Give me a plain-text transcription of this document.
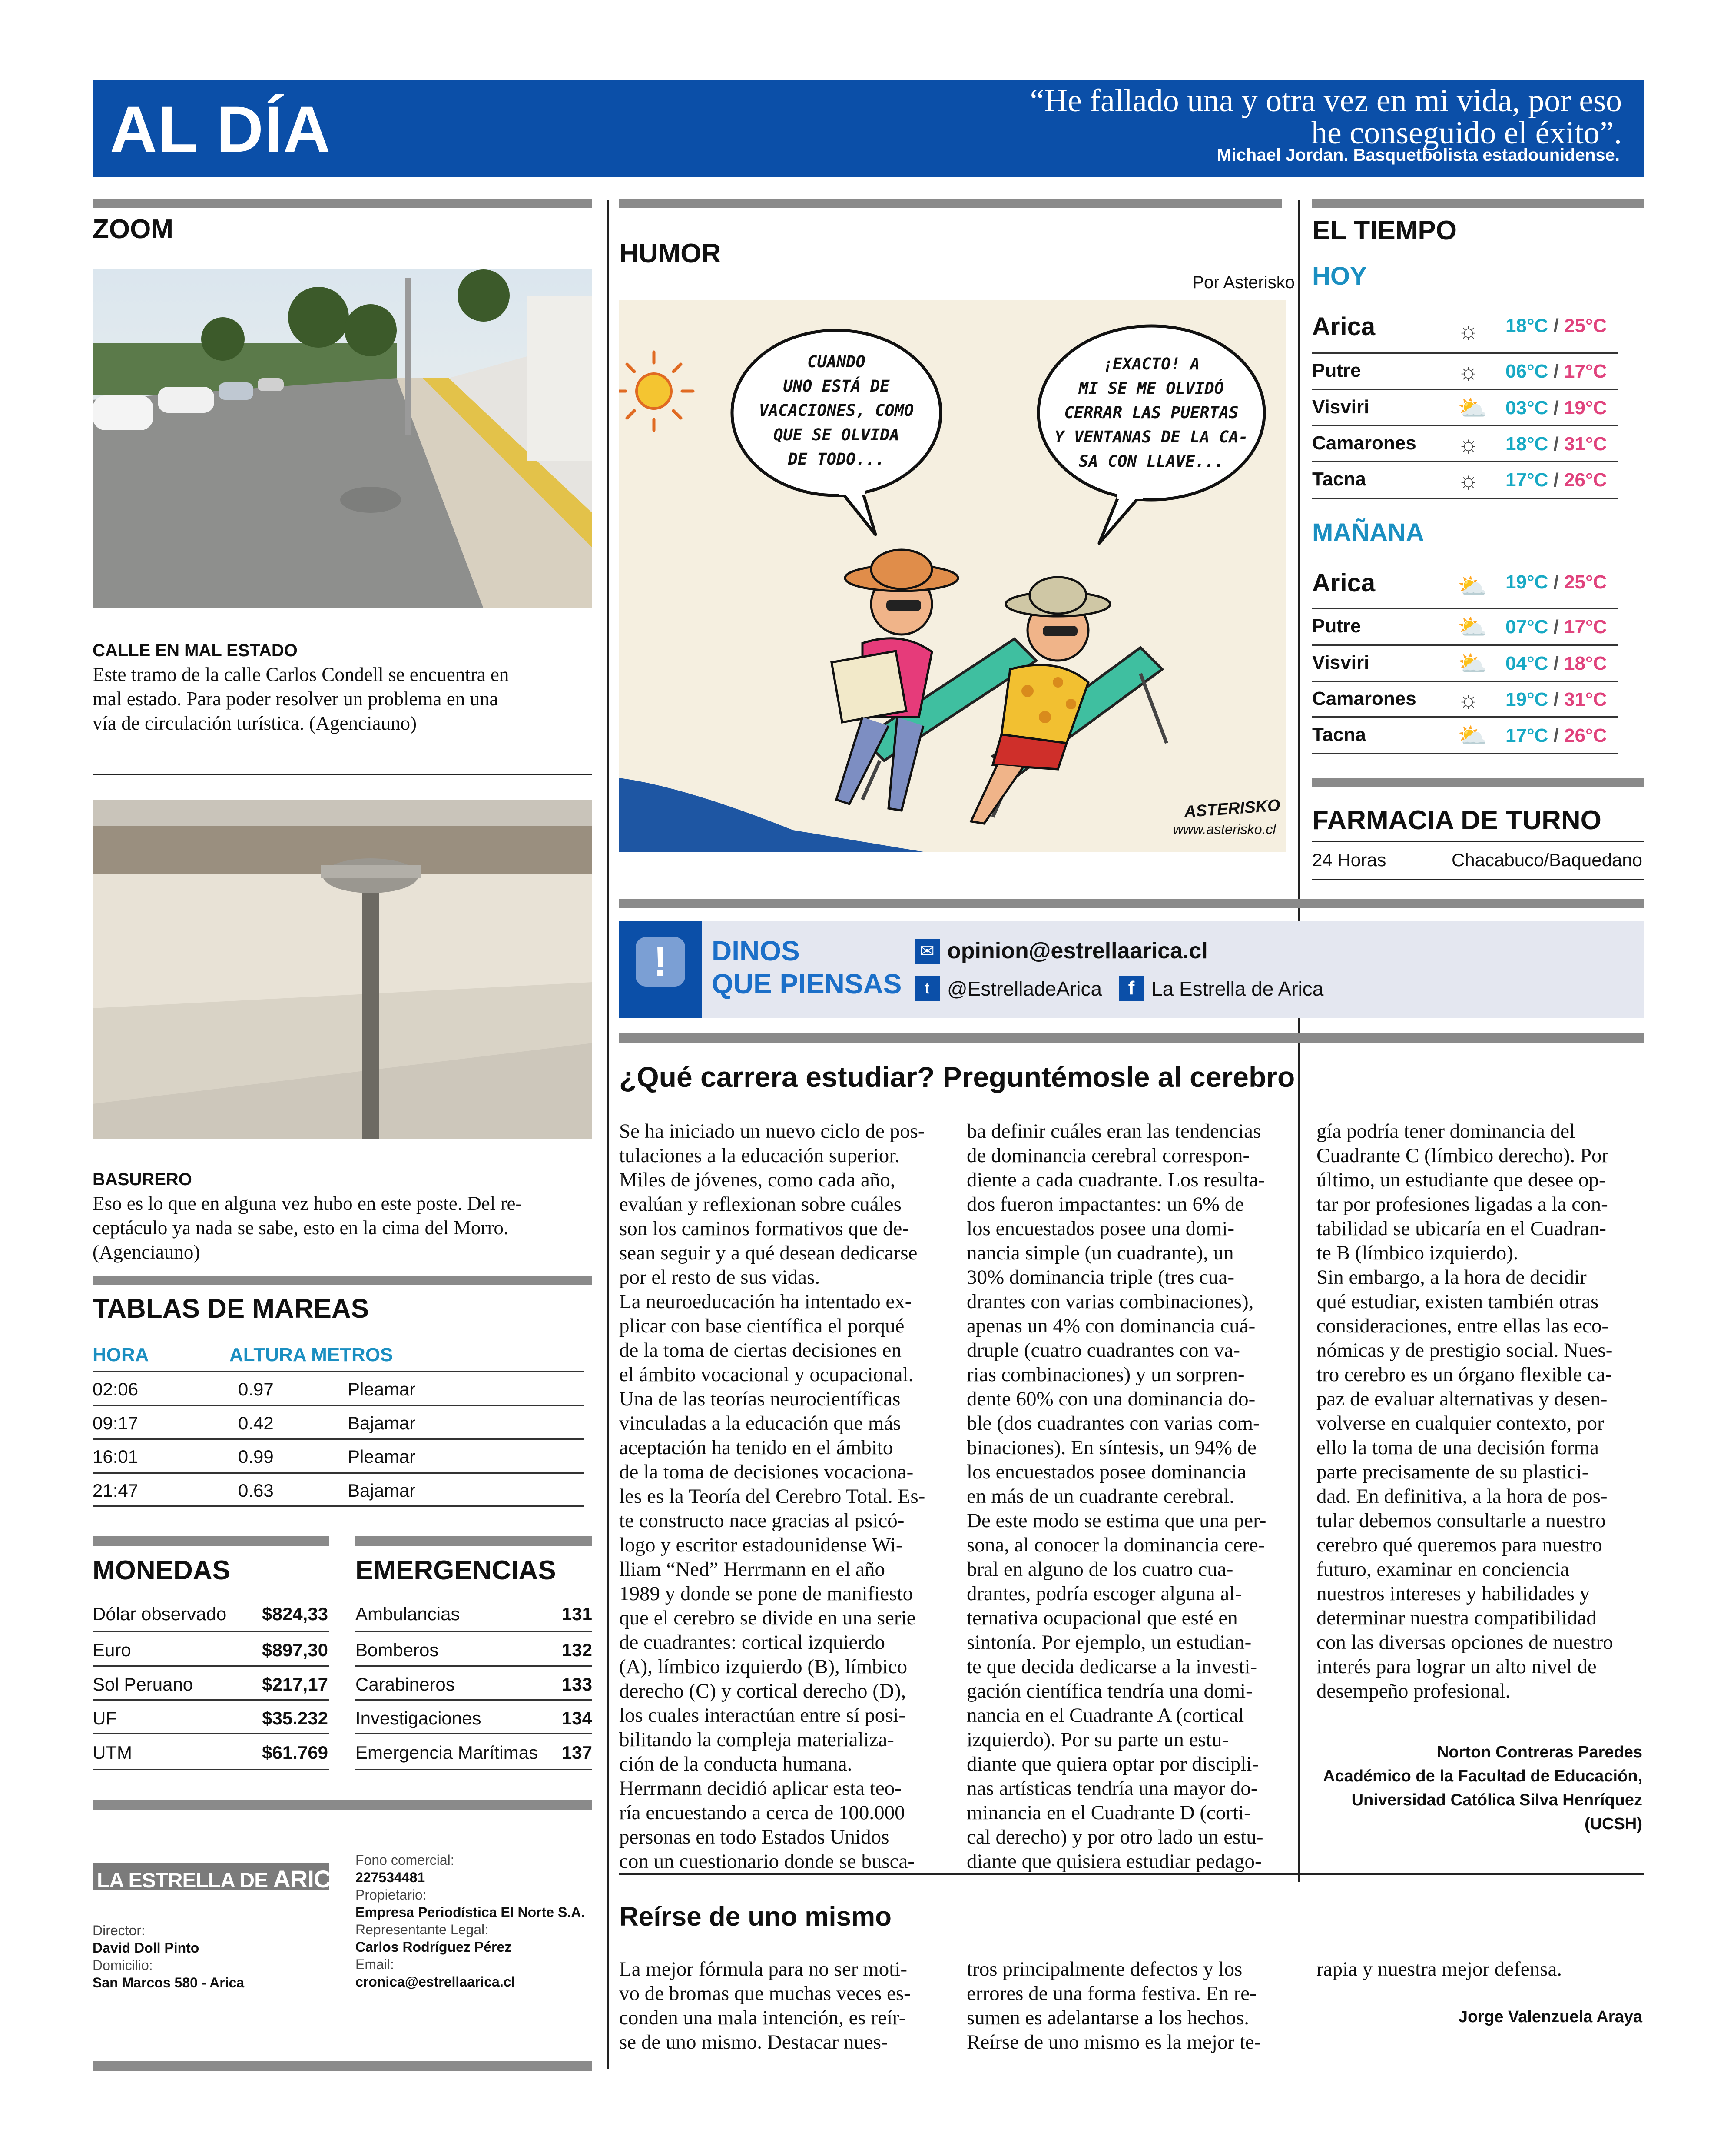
AL DÍA	“He fallado una y otra vez en mi vida, por eso
he conseguido el éxito”.
Michael Jordan. Basquetbolista estadounidense.
ZOOM
CALLE EN MAL ESTADO
Este tramo de la calle Carlos Condell se encuentra en
mal estado. Para poder resolver un problema en una
vía de circulación turística. (Agenciauno)
BASURERO
Eso es lo que en alguna vez hubo en este poste. Del re-
ceptáculo ya nada se sabe, esto en la cima del Morro.
(Agenciauno)
TABLAS DE MAREAS
HORA	ALTURA METROS
02:06	0.97	Pleamar
09:17	0.42	Bajamar
16:01	0.99	Pleamar
21:47	0.63	Bajamar
MONEDAS	EMERGENCIAS
Dólar observado $824,33
Euro	$897,30
Sol Peruano	$217,17
UF	$35.232
UTM	$61.769
Ambulancias	131
Bomberos	132
Carabineros	133
Investigaciones	134
Emergencia Marítimas	137
LA ESTRELLA DE ARICA
Director:
David Doll Pinto
Domicilio:
San Marcos 580 - Arica
Fono comercial:
227534481
Propietario:
Empresa Periodística El Norte S.A.
Representante Legal:
Carlos Rodríguez Pérez
Email:
cronica@estrellaarica.cl
HUMOR
Por Asterisko
CUANDO
UNO ESTÁ DE
VACACIONES, COMO
QUE SE OLVIDA
DE TODO...
¡EXACTO! A
MI SE ME OLVIDÓ
CERRAR LAS PUERTAS
Y VENTANAS DE LA CA-
SA CON LLAVE...
ASTERISKO
www.asterisko.cl
EL TIEMPO
HOY
Arica	☼ 18°C / 25°C
Putre	☼ 06°C / 17°C
Visviri	⛅ 03°C / 19°C
Camarones ☼ 18°C / 31°C
Tacna	☼ 17°C / 26°C
MAÑANA
Arica	⛅ 19°C / 25°C
Putre	⛅ 07°C / 17°C
Visviri	⛅ 04°C / 18°C
Camarones ☼ 19°C / 31°C
Tacna	⛅ 17°C / 26°C
FARMACIA DE TURNO
24 Horas	Chacabuco/Baquedano
!	DINOS
QUE PIENSAS
✉ opinion@estrellaarica.cl
t @EstrelladeArica	f La Estrella de Arica
¿Qué carrera estudiar? Preguntémosle al cerebro
Se ha iniciado un nuevo ciclo de pos-
tulaciones a la educación superior.
Miles de jóvenes, como cada año,
evalúan y reflexionan sobre cuáles
son los caminos formativos que de-
sean seguir y a qué desean dedicarse
por el resto de sus vidas.
La neuroeducación ha intentado ex-
plicar con base científica el porqué
de la toma de ciertas decisiones en
el ámbito vocacional y ocupacional.
Una de las teorías neurocientíficas
vinculadas a la educación que más
aceptación ha tenido en el ámbito
de la toma de decisiones vocaciona-
les es la Teoría del Cerebro Total. Es-
te constructo nace gracias al psicó-
logo y escritor estadounidense Wi-
lliam “Ned” Herrmann en el año
1989 y donde se pone de manifiesto
que el cerebro se divide en una serie
de cuadrantes: cortical izquierdo
(A), límbico izquierdo (B), límbico
derecho (C) y cortical derecho (D),
los cuales interactúan entre sí posi-
bilitando la compleja materializa-
ción de la conducta humana.
Herrmann decidió aplicar esta teo-
ría encuestando a cerca de 100.000
personas en todo Estados Unidos
con un cuestionario donde se busca-
ba definir cuáles eran las tendencias
de dominancia cerebral correspon-
diente a cada cuadrante. Los resulta-
dos fueron impactantes: un 6% de
los encuestados posee una domi-
nancia simple (un cuadrante), un
30% dominancia triple (tres cua-
drantes con varias combinaciones),
apenas un 4% con dominancia cuá-
druple (cuatro cuadrantes con va-
rias combinaciones) y un sorpren-
dente 60% con una dominancia do-
ble (dos cuadrantes con varias com-
binaciones). En síntesis, un 94% de
los encuestados posee dominancia
en más de un cuadrante cerebral.
De este modo se estima que una per-
sona, al conocer la dominancia cere-
bral en alguno de los cuatro cua-
drantes, podría escoger alguna al-
ternativa ocupacional que esté en
sintonía. Por ejemplo, un estudian-
te que decida dedicarse a la investi-
gación científica tendría una domi-
nancia en el Cuadrante A (cortical
izquierdo). Por su parte un estu-
diante que quiera optar por discipli-
nas artísticas tendría una mayor do-
minancia en el Cuadrante D (corti-
cal derecho) y por otro lado un estu-
diante que quisiera estudiar pedago-
gía podría tener dominancia del
Cuadrante C (límbico derecho). Por
último, un estudiante que desee op-
tar por profesiones ligadas a la con-
tabilidad se ubicaría en el Cuadran-
te B (límbico izquierdo).
Sin embargo, a la hora de decidir
qué estudiar, existen también otras
consideraciones, entre ellas las eco-
nómicas y de prestigio social. Nues-
tro cerebro es un órgano flexible ca-
paz de evaluar alternativas y desen-
volverse en cualquier contexto, por
ello la toma de una decisión forma
parte precisamente de su plastici-
dad. En definitiva, a la hora de pos-
tular debemos consultarle a nuestro
cerebro qué queremos para nuestro
futuro, examinar en conciencia
nuestros intereses y habilidades y
determinar nuestra compatibilidad
con las diversas opciones de nuestro
interés para lograr un alto nivel de
desempeño profesional.
Norton Contreras Paredes
Académico de la Facultad de Educación,
Universidad Católica Silva Henríquez
(UCSH)
Reírse de uno mismo
La mejor fórmula para no ser moti-
vo de bromas que muchas veces es-
conden una mala intención, es reír-
se de uno mismo. Destacar nues-
tros principalmente defectos y los
errores de una forma festiva. En re-
sumen es adelantarse a los hechos.
Reírse de uno mismo es la mejor te-
rapia y nuestra mejor defensa.
Jorge Valenzuela Araya
